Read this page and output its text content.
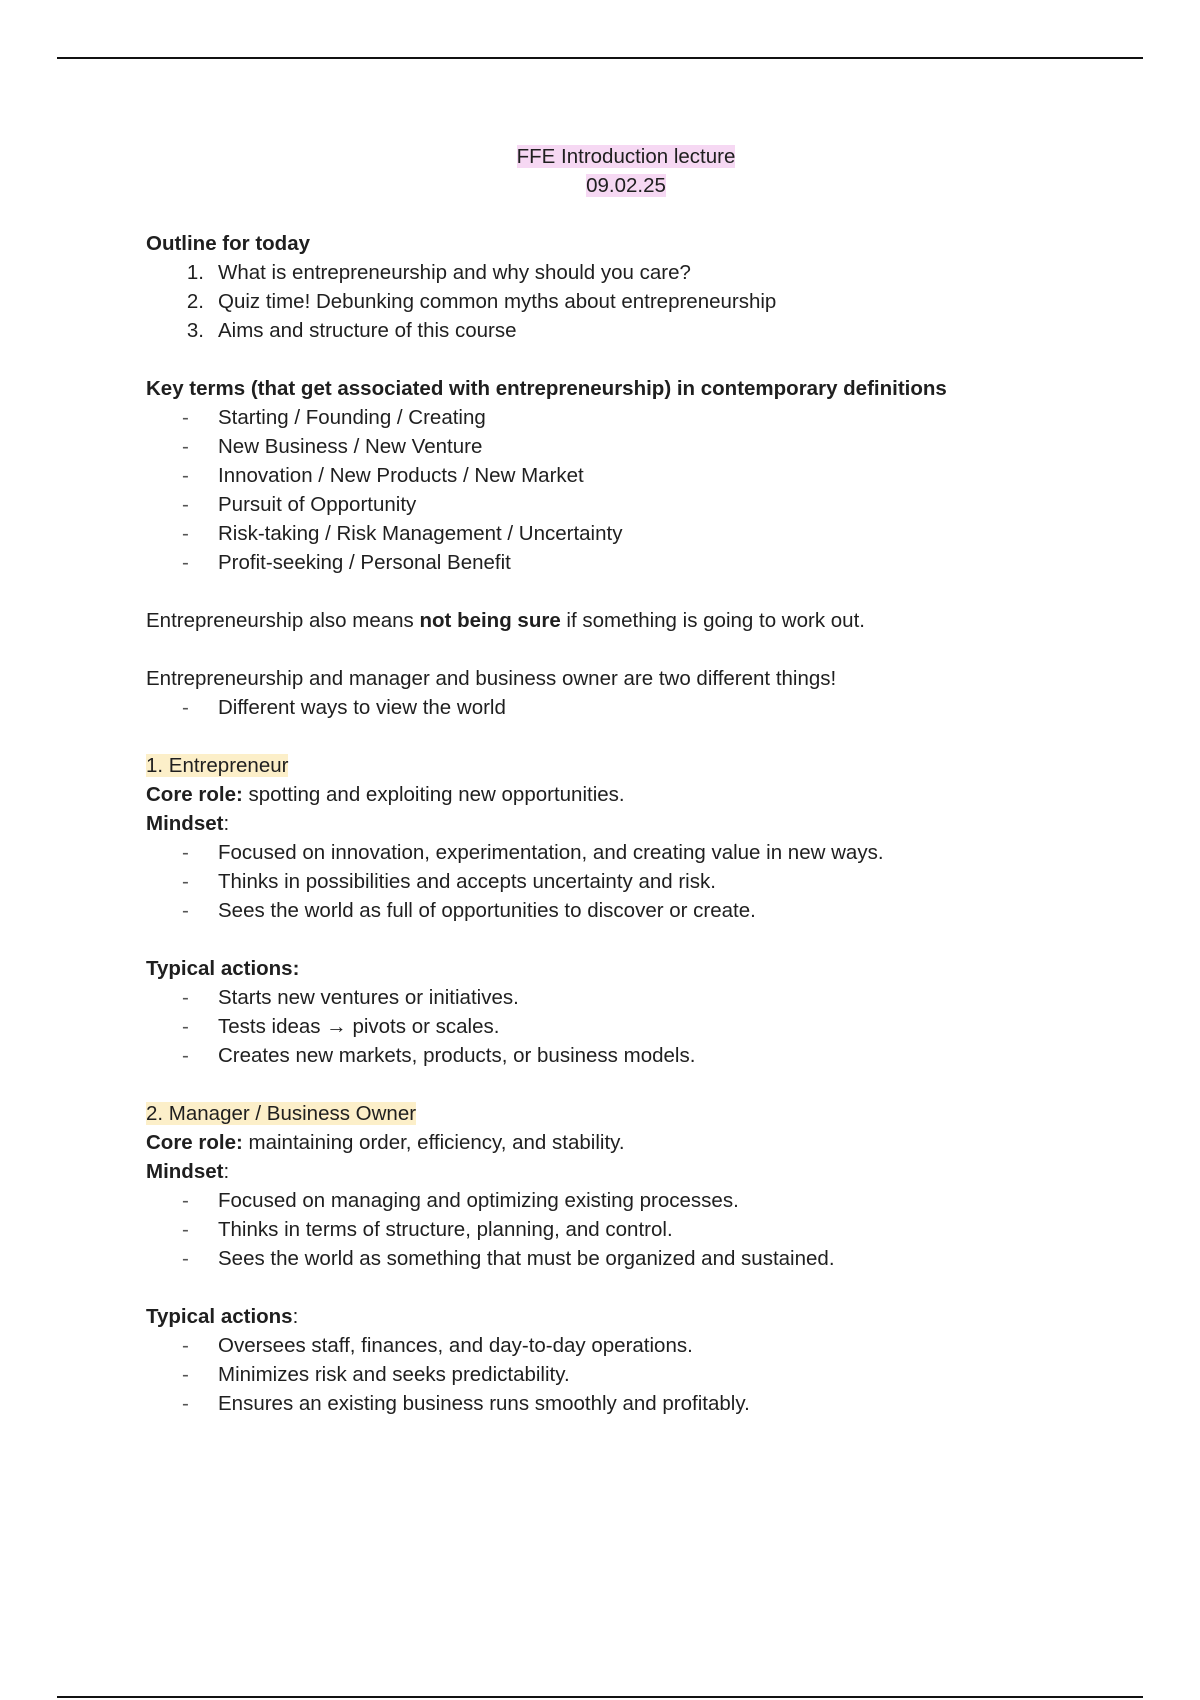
FFE Introduction lecture
09.02.25
Outline for today
1. What is entrepreneurship and why should you care?
2. Quiz time! Debunking common myths about entrepreneurship
3. Aims and structure of this course
Key terms (that get associated with entrepreneurship) in contemporary definitions
- Starting / Founding / Creating
- New Business / New Venture
- Innovation / New Products / New Market
- Pursuit of Opportunity
- Risk-taking / Risk Management / Uncertainty
- Profit-seeking / Personal Benefit

Entrepreneurship also means not being sure if something is going to work out.

Entrepreneurship and manager and business owner are two different things!

- Different ways to view the world
1. Entrepreneur

Core role: spotting and exploiting new opportunities.

Mindset:

- Focused on innovation, experimentation, and creating value in new ways.
- Thinks in possibilities and accepts uncertainty and risk.
- Sees the world as full of opportunities to discover or create.

Typical actions:

- Starts new ventures or initiatives.
- Tests ideas → pivots or scales.
- Creates new markets, products, or business models.
2. Manager / Business Owner

Core role: maintaining order, efficiency, and stability.

Mindset:

- Focused on managing and optimizing existing processes.
- Thinks in terms of structure, planning, and control.
- Sees the world as something that must be organized and sustained.

Typical actions:

- Oversees staff, finances, and day-to-day operations.
- Minimizes risk and seeks predictability.
- Ensures an existing business runs smoothly and profitably.
